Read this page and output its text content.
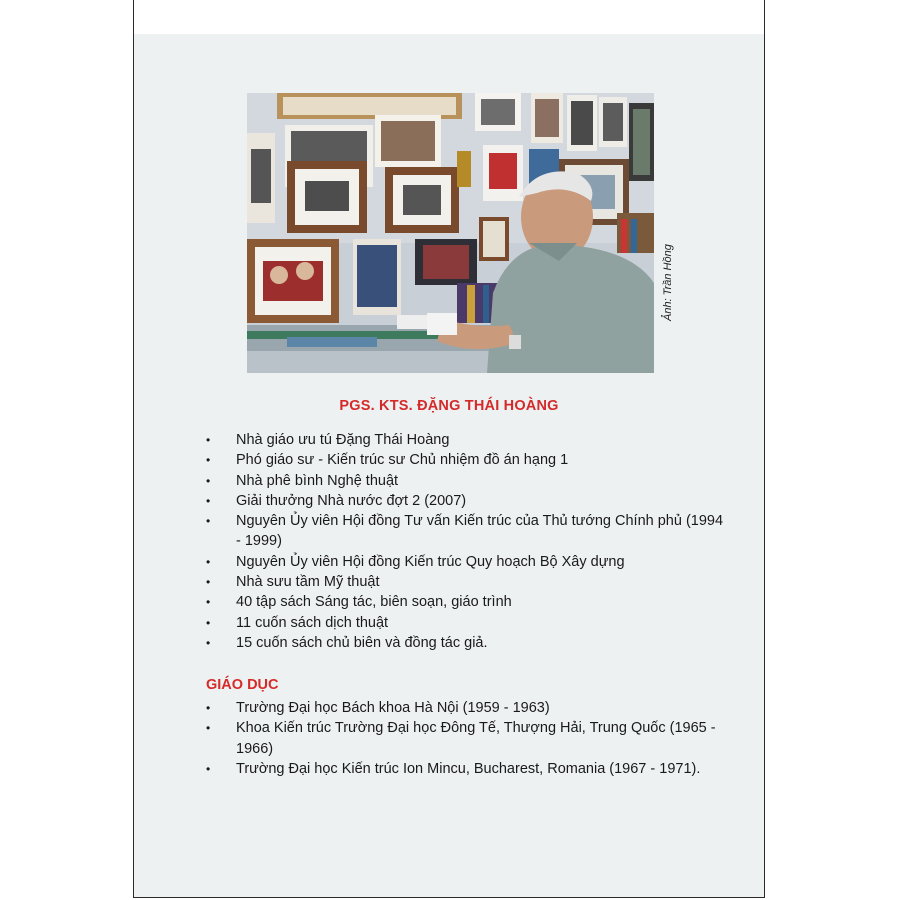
Ảnh: Trần Hồng
PGS. KTS. ĐẶNG THÁI HOÀNG
• Nhà giáo ưu tú Đặng Thái Hoàng
• Phó giáo sư - Kiến trúc sư Chủ nhiệm đồ án hạng 1
• Nhà phê bình Nghệ thuật
• Giải thưởng Nhà nước đợt 2 (2007)
• Nguyên Ủy viên Hội đồng Tư vấn Kiến trúc của Thủ tướng Chính phủ (1994 - 1999)
• Nguyên Ủy viên Hội đồng Kiến trúc Quy hoạch Bộ Xây dựng
• Nhà sưu tầm Mỹ thuật
• 40 tập sách Sáng tác, biên soạn, giáo trình
• 11 cuốn sách dịch thuật
• 15 cuốn sách chủ biên và đồng tác giả.
GIÁO DỤC
• Trường Đại học Bách khoa Hà Nội (1959 - 1963)
• Khoa Kiến trúc Trường Đại học Đông Tế, Thượng Hải, Trung Quốc (1965 - 1966)
• Trường Đại học Kiến trúc Ion Mincu, Bucharest, Romania (1967 - 1971).
